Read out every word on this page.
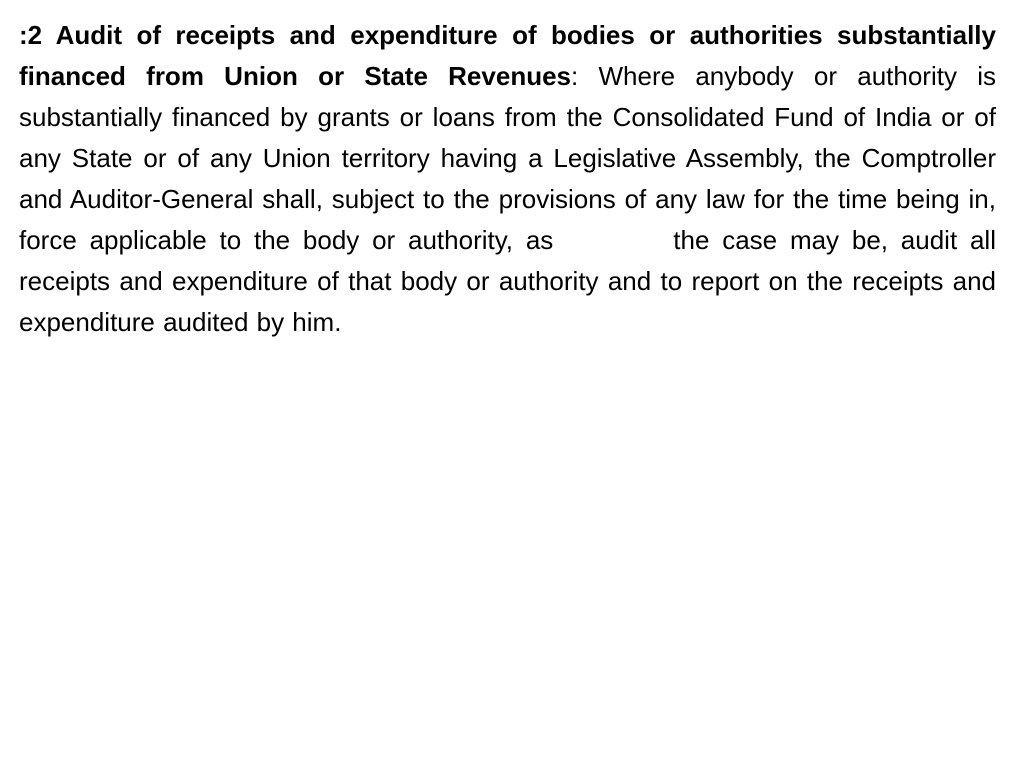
:2 Audit of receipts and expenditure of bodies or authorities substantially financed from Union or State Revenues: Where anybody or authority is substantially financed by grants or loans from the Consolidated Fund of India or of any State or of any Union territory having a Legislative Assembly, the Comptroller and Auditor-General shall, subject to the provisions of any law for the time being in, force applicable to the body or authority, as	the case may be, audit all receipts and expenditure of that body or authority and to report on the receipts and expenditure audited by him.
